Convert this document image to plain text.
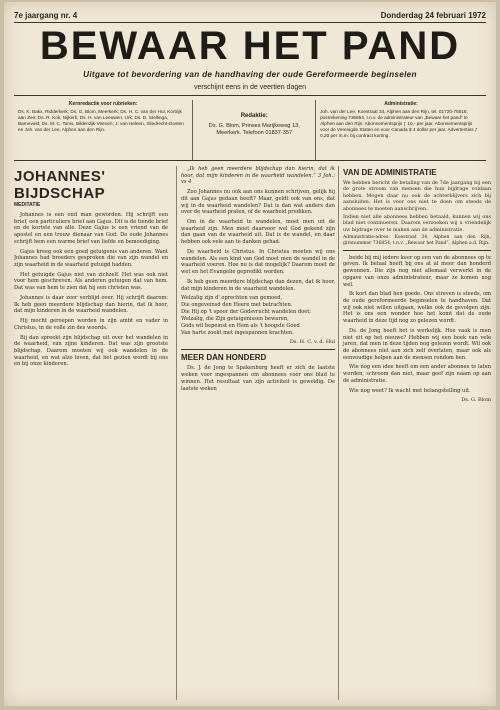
7e jaargang nr. 4	Donderdag 24 februari 1972
BEWAAR HET PAND
Uitgave tot bevordering van de handhaving der oude Gereformeerde beginselen
verschijnt eens in de veertien dagen
Kernredactie voor rubrieken:
Ds. K. Bakx, Ridderkerk; Ds. G. Blom, Meerkerk; Ds. H. C. van der Hul, Kortrijk aan Zee; Ds. R. Kok, Nijkerk; Ds. H. van Leeuwen, Urk; Ds. D. Stellinga, Barneveld; Ds. M. C. Tanis, Bilderdijk-Veenen; J. van Heleen, Sliedrecht-Oosten en Joh. van der Lee, Alphen aan den Rijn.
Redaktie:
Ds. G. Blom, Prinses Marijkeweg 13,
Meerkerk. Telefoon 01837-357
Administratie:
Joh. van der Lee, Koestraat 34, Alphen aan den Rijn, tel. 01720-75516, postrekening 736854, t.n.v. de administrateur van „Bewaar het pand” te Alphen aan den Rijn. Abonnementsprijs ƒ 10,- per jaar. Abonnementsprijs voor de Verenigde Staten en voor Canada $ 4 dollar per jaar. Advertenties ƒ 0,20 per m.m. bij contract korting.
JOHANNES' BIJDSCHAP
MEDITATIE

Johannes is een oud man geworden. Hij schrijft een brief, een particuliere brief aan Gajus. Dit is de tiende brief en de kortste van alle. Deze Gajus is een vriend van de apostel en een trouw dienaar van God. De oude Johannes schrijft hem een warme brief van liefde en bemoediging.

Gajus kreeg ook een goed getuigenis van anderen. Want Johannes had broeders gesproken die van zijn wandel en zijn waarheid in de waarheid getuigd hadden.

Het getuigde Gajus niet van zichzelf. Het was ook niet voor hem geschreven. Als anderen getuigen dat van hem. Dat was van hem te zien dat hij een christen was.

Johannes is daar zeer verblijd over. Hij schrijft daarom: Ik heb geen meerdere blijdschap dan hierin, dat ik hoor, dat mijn kinderen in de waarheid wandelen.

Hij mocht geroepen worden in zijn ambt en vader in Christus, in de volle zin des woords.

Bij dan spreekt zijn blijdschap uit over het wandelen in de waarheid, van zijne kinderen. Dat was zijn grootste blijdschap. Daarom moeten wij ook wandelen in de waarheid, en wat alzo leven, dat het gezien wordt bij ons en bij onze kinderen.

„Ik heb geen meerdere blijdschap dan hierin, dat ik hoor, dat mijn kinderen in de waarheid wandelen.” 3 Joh.: vs 4

Zoo Johannes nu ook aan ons kunnen schrijven, gelijk hij dit aan Gajus gedaan heeft? Maar, geldt ook van ons, dat wij in de waarheid wandelen? Dat is dan wat anders dan over de waarheid praten, of de waarheid prediken.

Om in de waarheid te wandelen, moet men uit de waarheid zijn. Men moet daarvoor wel God gekend zijn dan gaan van de waarheid uit. Dat is de wandel, en daar hebben ook vele aan te danken gehad.

De waarheid is Christus. In Christus moeten wij ons wandelen. Als een kind van God moet men de wandel in de waarheid voeren. Hoe nu is dat mogelijk? Daarom moet de wet en het Evangelie gepredikt worden.

Ik heb geen meerdere blijdschap dan dezen, dat ik hoor, dat mijn kinderen in de waarheid wandelen.

Welzalig zijn d' oprechten van gemoed,
Die ongeveinsd den Heere met betrachten.
Die Hij op 't spoor der Godsvrucht wandelen doet;
Welzalig, die Zijn getuigenissen bewaren,
Gods wil bepeinst en Hem als 't hoogste Goed
Van harte zoekt met ingespannen krachten.
Ds. H. C. v. d. Hul
MEER DAN HONDERD

Ds. J. de Jong te Spakenburg heeft er zich de laatste weken voor ingespannen om abonnees voor ons blad te winnen. Het resultaat van zijn activiteit is geweldig. De laatste weken

VAN DE ADMINISTRATIE

We hebben bericht de betaling van de 7de jaargang bij een de grote stroom van mensen die hun bijdrage voldaan hebben. Mogen daar nu ook de achterblijvers zich bij aansluiten. Het is voor ons niet te doen om steeds de abonnees te moeten aanschrijven.

Indien niet alle abonnees hebben betaald, kunnen wij ons blad niet continueren. Daarom verzoeken wij u vriendelijk uw bijdrage over te maken aan de administratie.

Administratie-adres: Koestraat 34, Alphen aan den Rijn, gironummer 736854, t.n.v. „Bewaar het Pand”, Alphen a.d. Rijn.

beide bij mij iedere keer op een van de abonnees op te geven. Ik betaal heeft bij ons at al meer dan honderd gewonnen. Die zijn nog niet allemaal verwerkt in de opgave van onze administrateur, maar ze komen nog wel.

Ik kort dan blad hen goede. Ons streven is steeds, om de oude gereformeerde beginselen te handhaven. Dat wij ook niet willen uitgaan, welke ook de gevolgen zijn. Het is ons een wonder hoe het komt dat de oude waarheid in deze tijd nog zo gelezen wordt.

Ds. de Jong heeft het is werkelijk. Hoe vaak is men niet uit op het nieuwe? Hebben wij een boek van vele jaren, dat men in deze tijden nog gelezen wordt. Wil ook de abonnees niet aan zich zelf overlaten, maar ook als eenvoudige helpen aan de mensen rondom hen.

Wie nog een idee heeft om een ander abonnee te laten worden, schroom dan niet, maar geef zijn naam op aan de administratie.

Wie nog weet? Ik wacht met belangstelling uit.

Ds. G. Blom
